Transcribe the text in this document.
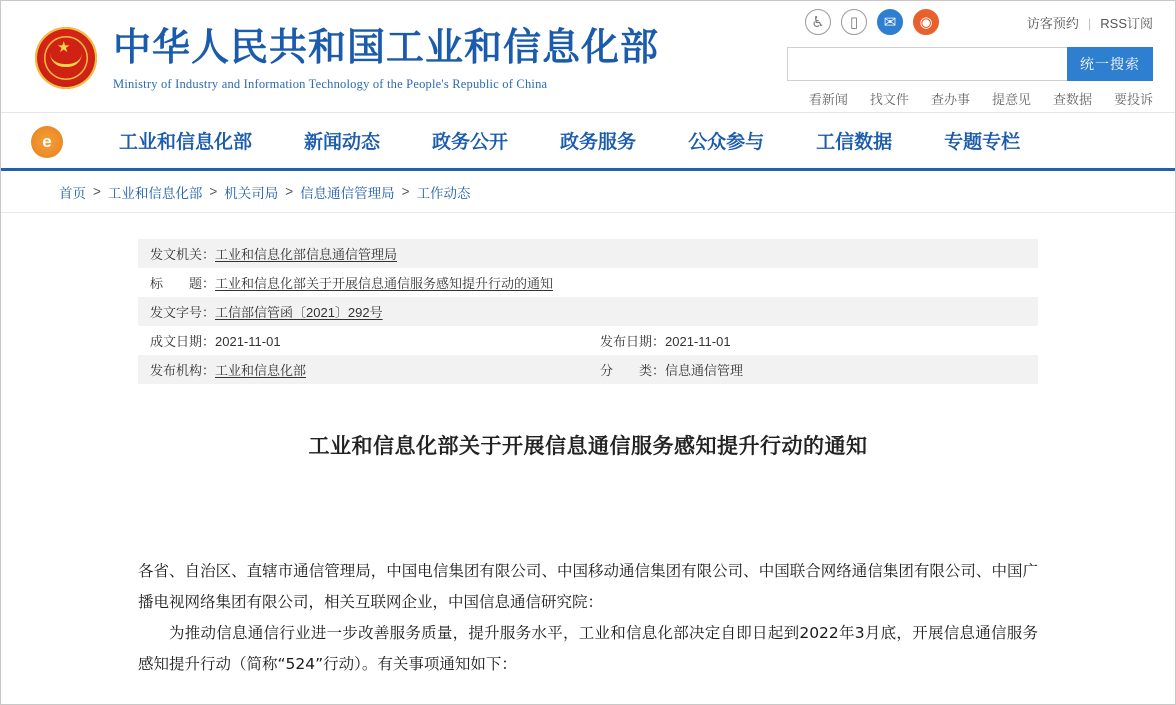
★ 中华人民共和国工业和信息化部
Ministry of Industry and Information Technology of the People's Republic of China
♿	▯	✉	◉	访客预约 | RSS订阅
统一搜索
看新闻 找文件 查办事 提意见 查数据 要投诉
e	工业和信息化部	新闻动态	政务公开	政务服务	公众参与	工信数据	专题专栏
首页 > 工业和信息化部 > 机关司局 > 信息通信管理局 > 工作动态
发文机关：工业和信息化部信息通信管理局	
标　　题：工业和信息化部关于开展信息通信服务感知提升行动的通知	
发文字号：工信部信管函〔2021〕292号	
成文日期：2021-11-01	发布日期：2021-11-01
发布机构：工业和信息化部	分　　类：信息通信管理
工业和信息化部关于开展信息通信服务感知提升行动的通知

各省、自治区、直辖市通信管理局，中国电信集团有限公司、中国移动通信集团有限公司、中国联合网络通信集团有限公司、中国广播电视网络集团有限公司，相关互联网企业，中国信息通信研究院：

为推动信息通信行业进一步改善服务质量，提升服务水平，工业和信息化部决定自即日起到2022年3月底，开展信息通信服务感知提升行动（简称“524”行动）。有关事项通知如下：
